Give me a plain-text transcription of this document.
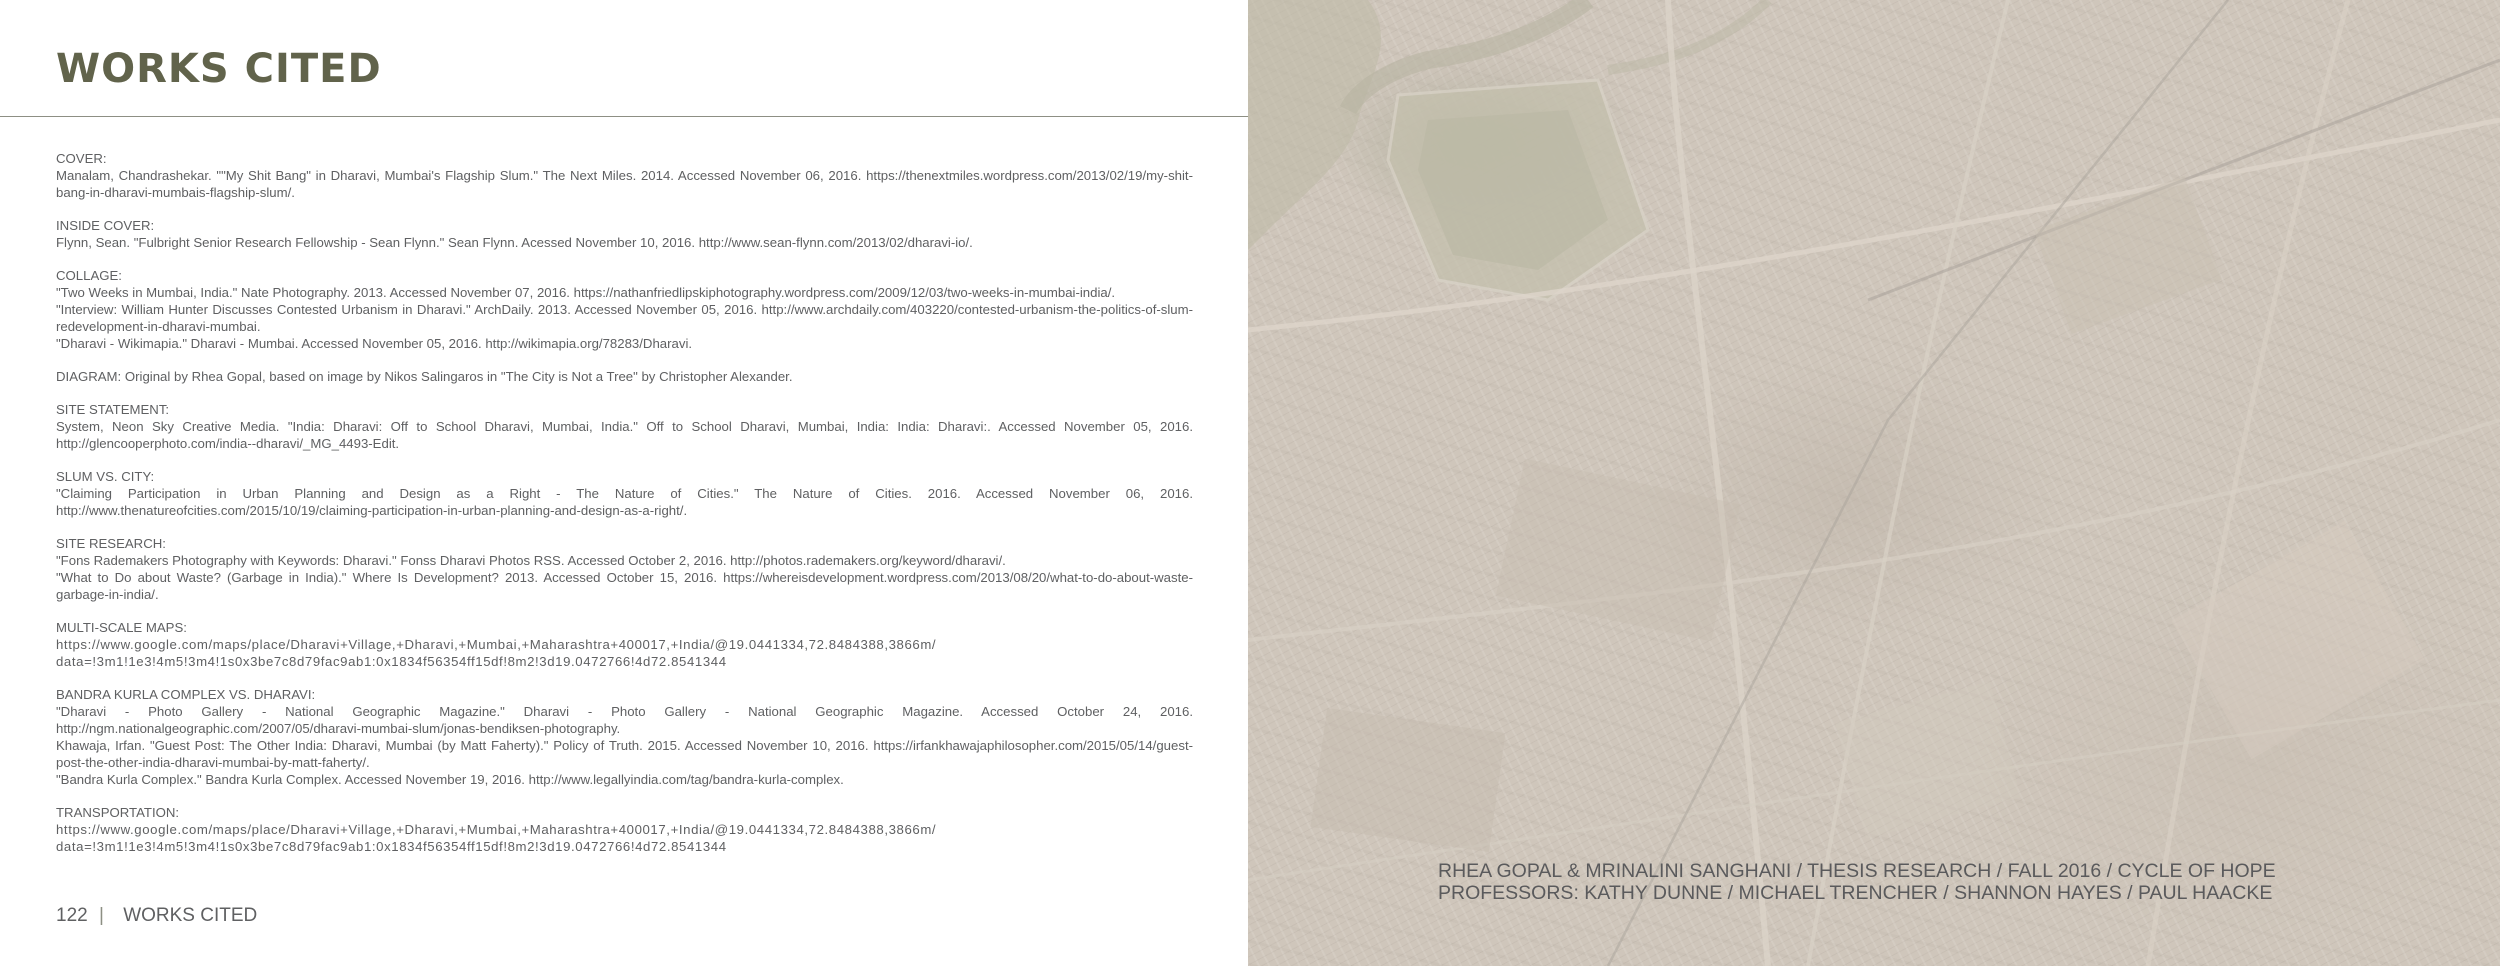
WORKS CITED
COVER:
Manalam, Chandrashekar. ""My Shit Bang" in Dharavi, Mumbai's Flagship Slum." The Next Miles. 2014. Accessed November 06, 2016. https://thenextmiles.wordpress.com/2013/02/19/my-shit-bang-in-dharavi-mumbais-flagship-slum/.
INSIDE COVER:
Flynn, Sean. "Fulbright Senior Research Fellowship - Sean Flynn." Sean Flynn. Acessed November 10, 2016. http://www.sean-flynn.com/2013/02/dharavi-io/.
COLLAGE:
"Two Weeks in Mumbai, India." Nate Photography. 2013. Accessed November 07, 2016. https://nathanfriedlipskiphotography.wordpress.com/2009/12/03/two-weeks-in-mumbai-india/.
"Interview: William Hunter Discusses Contested Urbanism in Dharavi." ArchDaily. 2013. Accessed November 05, 2016. http://www.archdaily.com/403220/contested-urbanism-the-politics-of-slum-redevelopment-in-dharavi-mumbai.
"Dharavi - Wikimapia." Dharavi - Mumbai. Accessed November 05, 2016. http://wikimapia.org/78283/Dharavi.
DIAGRAM: Original by Rhea Gopal, based on image by Nikos Salingaros in "The City is Not a Tree" by Christopher Alexander.
SITE STATEMENT:
System, Neon Sky Creative Media. "India: Dharavi: Off to School Dharavi, Mumbai, India." Off to School Dharavi, Mumbai, India: India: Dharavi:. Accessed November 05, 2016. http://glencooperphoto.com/india--dharavi/_MG_4493-Edit.
SLUM VS. CITY:
"Claiming Participation in Urban Planning and Design as a Right - The Nature of Cities." The Nature of Cities. 2016. Accessed November 06, 2016. http://www.thenatureofcities.com/2015/10/19/claiming-participation-in-urban-planning-and-design-as-a-right/.
SITE RESEARCH:
"Fons Rademakers Photography with Keywords: Dharavi." Fonss Dharavi Photos RSS. Accessed October 2, 2016. http://photos.rademakers.org/keyword/dharavi/.
"What to Do about Waste? (Garbage in India)." Where Is Development? 2013. Accessed October 15, 2016. https://whereisdevelopment.wordpress.com/2013/08/20/what-to-do-about-waste-garbage-in-india/.
MULTI-SCALE MAPS:
https://www.google.com/maps/place/Dharavi+Village,+Dharavi,+Mumbai,+Maharashtra+400017,+India/@19.0441334,72.8484388,3866m/ data=!3m1!1e3!4m5!3m4!1s0x3be7c8d79fac9ab1:0x1834f56354ff15df!8m2!3d19.0472766!4d72.8541344
BANDRA KURLA COMPLEX VS. DHARAVI:
"Dharavi - Photo Gallery - National Geographic Magazine." Dharavi - Photo Gallery - National Geographic Magazine. Accessed October 24, 2016. http://ngm.nationalgeographic.com/2007/05/dharavi-mumbai-slum/jonas-bendiksen-photography.
Khawaja, Irfan. "Guest Post: The Other India: Dharavi, Mumbai (by Matt Faherty)." Policy of Truth. 2015. Accessed November 10, 2016. https://irfankhawajaphilosopher.com/2015/05/14/guest-post-the-other-india-dharavi-mumbai-by-matt-faherty/.
"Bandra Kurla Complex." Bandra Kurla Complex. Accessed November 19, 2016. http://www.legallyindia.com/tag/bandra-kurla-complex.
TRANSPORTATION:
https://www.google.com/maps/place/Dharavi+Village,+Dharavi,+Mumbai,+Maharashtra+400017,+India/@19.0441334,72.8484388,3866m/ data=!3m1!1e3!4m5!3m4!1s0x3be7c8d79fac9ab1:0x1834f56354ff15df!8m2!3d19.0472766!4d72.8541344
122 | WORKS CITED
RHEA GOPAL & MRINALINI SANGHANI / THESIS RESEARCH / FALL 2016 / CYCLE OF HOPE
PROFESSORS: KATHY DUNNE / MICHAEL TRENCHER / SHANNON HAYES / PAUL HAACKE
